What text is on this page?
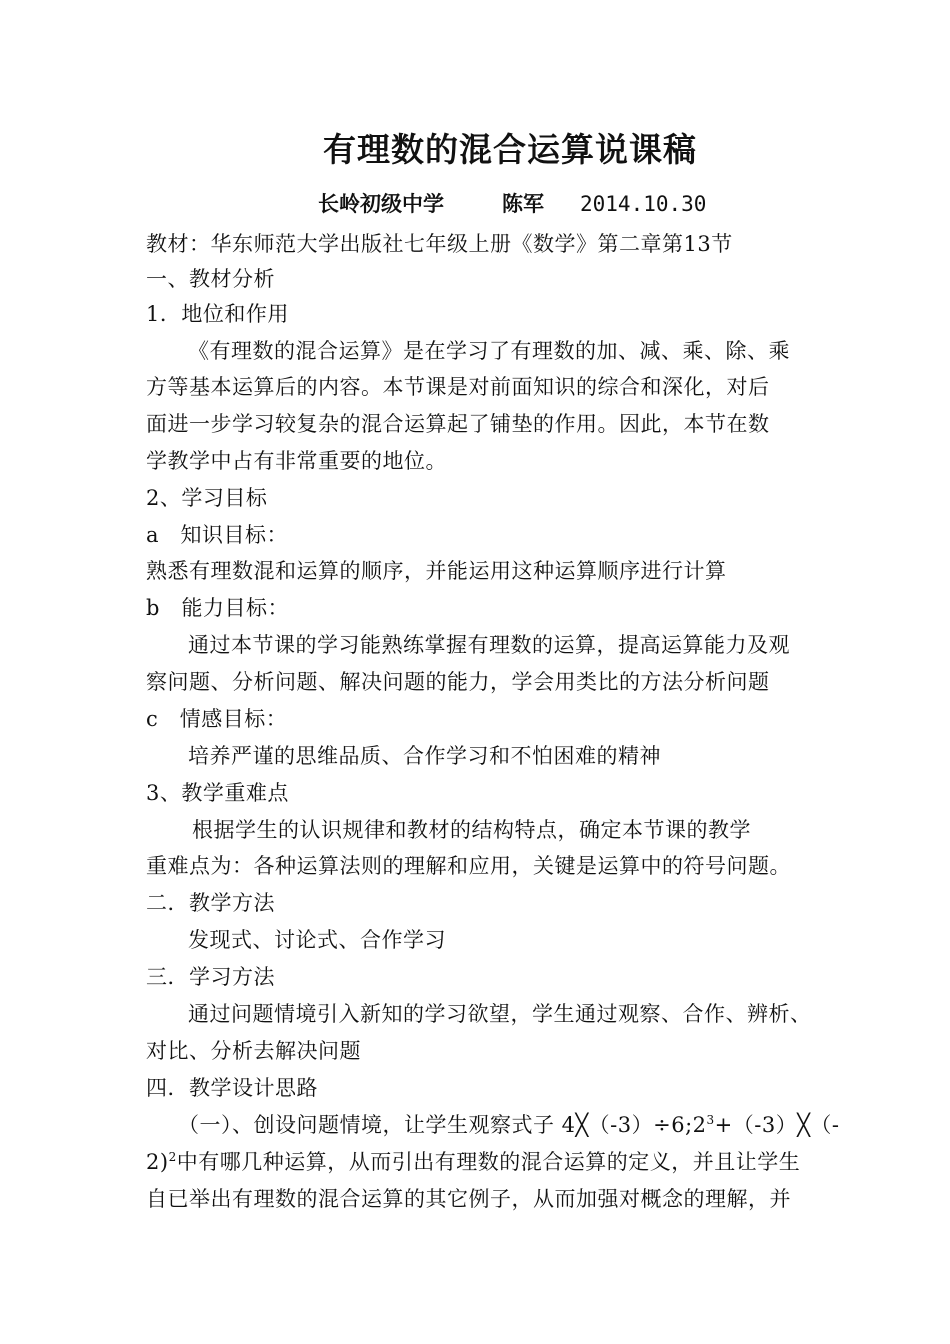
有理数的混合运算说课稿
长岭初级中学	陈军 2014.10.30
教材：华东师范大学出版社七年级上册《数学》第二章第13节
一、教材分析
1．地位和作用
《有理数的混合运算》是在学习了有理数的加、减、乘、除、乘
方等基本运算后的内容。本节课是对前面知识的综合和深化，对后
面进一步学习较复杂的混合运算起了铺垫的作用。因此，本节在数
学教学中占有非常重要的地位。
2、学习目标
a　知识目标：
熟悉有理数混和运算的顺序，并能运用这种运算顺序进行计算
b　能力目标：
通过本节课的学习能熟练掌握有理数的运算，提高运算能力及观
察问题、分析问题、解决问题的能力，学会用类比的方法分析问题
c　情感目标：
培养严谨的思维品质、合作学习和不怕困难的精神
3、教学重难点
根据学生的认识规律和教材的结构特点，确定本节课的教学
重难点为：各种运算法则的理解和应用，关键是运算中的符号问题。
二．教学方法
发现式、讨论式、合作学习
三．学习方法
通过问题情境引入新知的学习欲望，学生通过观察、合作、辨析、
对比、分析去解决问题
四．教学设计思路
（一）、创设问题情境，让学生观察式子 $4╳(-3)\div 6;2^3+(-3)╳(-$
2)$^2$中有哪几种运算，从而引出有理数的混合运算的定义，并且让学生
自已举出有理数的混合运算的其它例子，从而加强对概念的理解，并
